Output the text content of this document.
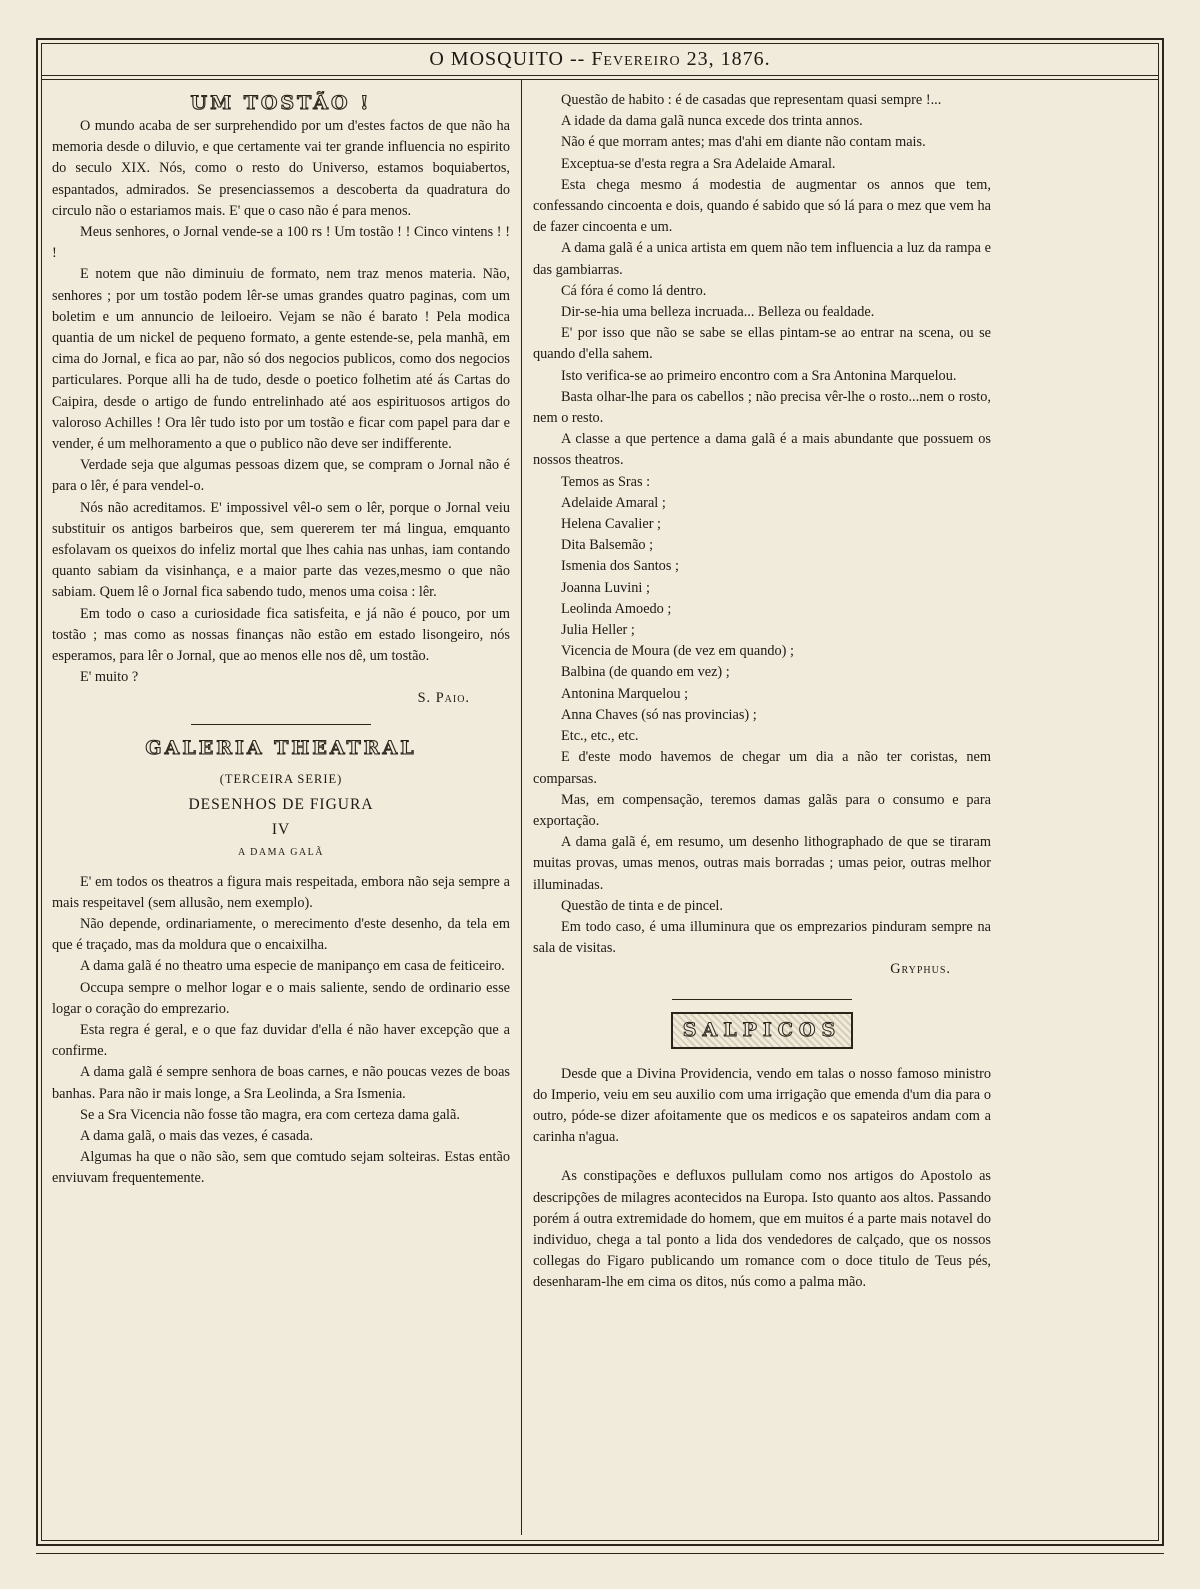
O MOSQUITO -- Fevereiro 23, 1876.
UM TOSTÃO !

O mundo acaba de ser surprehendido por um d'estes factos de que não ha memoria desde o diluvio, e que certamente vai ter grande influencia no espirito do seculo XIX. Nós, como o resto do Universo, estamos boquiabertos, espantados, admirados. Se presenciassemos a descoberta da quadratura do circulo não o estariamos mais. E' que o caso não é para menos.

Meus senhores, o Jornal vende-se a 100 rs ! Um tostão ! ! Cinco vintens ! ! !

E notem que não diminuiu de formato, nem traz menos materia. Não, senhores ; por um tostão podem lêr-se umas grandes quatro paginas, com um boletim e um annuncio de leiloeiro. Vejam se não é barato ! Pela modica quantia de um nickel de pequeno formato, a gente estende-se, pela manhã, em cima do Jornal, e fica ao par, não só dos negocios publicos, como dos negocios particulares. Porque alli ha de tudo, desde o poetico folhetim até ás Cartas do Caipira, desde o artigo de fundo entrelinhado até aos espirituosos artigos do valoroso Achilles ! Ora lêr tudo isto por um tostão e ficar com papel para dar e vender, é um melhoramento a que o publico não deve ser indifferente.

Verdade seja que algumas pessoas dizem que, se compram o Jornal não é para o lêr, é para vendel-o.

Nós não acreditamos. E' impossivel vêl-o sem o lêr, porque o Jornal veiu substituir os antigos barbeiros que, sem quererem ter má lingua, emquanto esfolavam os queixos do infeliz mortal que lhes cahia nas unhas, iam contando quanto sabiam da visinhança, e a maior parte das vezes,mesmo o que não sabiam. Quem lê o Jornal fica sabendo tudo, menos uma coisa : lêr.

Em todo o caso a curiosidade fica satisfeita, e já não é pouco, por um tostão ; mas como as nossas finanças não estão em estado lisongeiro, nós esperamos, para lêr o Jornal, que ao menos elle nos dê, um tostão.

E' muito ?

S. Paio.
GALERIA THEATRAL
(TERCEIRA SERIE)
DESENHOS DE FIGURA
IV
A DAMA GALÃ

E' em todos os theatros a figura mais respeitada, embora não seja sempre a mais respeitavel (sem allusão, nem exemplo).

Não depende, ordinariamente, o merecimento d'este desenho, da tela em que é traçado, mas da moldura que o encaixilha.

A dama galã é no theatro uma especie de manipanço em casa de feiticeiro.

Occupa sempre o melhor logar e o mais saliente, sendo de ordinario esse logar o coração do emprezario.

Esta regra é geral, e o que faz duvidar d'ella é não haver excepção que a confirme.

A dama galã é sempre senhora de boas carnes, e não poucas vezes de boas banhas. Para não ir mais longe, a Sra Leolinda, a Sra Ismenia.

Se a Sra Vicencia não fosse tão magra, era com certeza dama galã.

A dama galã, o mais das vezes, é casada.

Algumas ha que o não são, sem que comtudo sejam solteiras. Estas então enviuvam frequentemente.

Questão de habito : é de casadas que representam quasi sempre !...

A idade da dama galã nunca excede dos trinta annos.

Não é que morram antes; mas d'ahi em diante não contam mais.

Exceptua-se d'esta regra a Sra Adelaide Amaral.

Esta chega mesmo á modestia de augmentar os annos que tem, confessando cincoenta e dois, quando é sabido que só lá para o mez que vem ha de fazer cincoenta e um.

A dama galã é a unica artista em quem não tem influencia a luz da rampa e das gambiarras.

Cá fóra é como lá dentro.

Dir-se-hia uma belleza incruada... Belleza ou fealdade.

E' por isso que não se sabe se ellas pintam-se ao entrar na scena, ou se quando d'ella sahem.

Isto verifica-se ao primeiro encontro com a Sra Antonina Marquelou.

Basta olhar-lhe para os cabellos ; não precisa vêr-lhe o rosto...nem o rosto, nem o resto.

A classe a que pertence a dama galã é a mais abundante que possuem os nossos theatros.

Temos as Sras :

Adelaide Amaral ;

Helena Cavalier ;

Dita Balsemão ;

Ismenia dos Santos ;

Joanna Luvini ;

Leolinda Amoedo ;

Julia Heller ;

Vicencia de Moura (de vez em quando) ;

Balbina (de quando em vez) ;

Antonina Marquelou ;

Anna Chaves (só nas provincias) ;

Etc., etc., etc.

E d'este modo havemos de chegar um dia a não ter coristas, nem comparsas.

Mas, em compensação, teremos damas galãs para o consumo e para exportação.

A dama galã é, em resumo, um desenho lithographado de que se tiraram muitas provas, umas menos, outras mais borradas ; umas peior, outras melhor illuminadas.

Questão de tinta e de pincel.

Em todo caso, é uma illuminura que os emprezarios pinduram sempre na sala de visitas.

Gryphus.
SALPICOS

Desde que a Divina Providencia, vendo em talas o nosso famoso ministro do Imperio, veiu em seu auxilio com uma irrigação que emenda d'um dia para o outro, póde-se dizer afoitamente que os medicos e os sapateiros andam com a carinha n'agua.

As constipações e defluxos pullulam como nos artigos do Apostolo as descripções de milagres acontecidos na Europa. Isto quanto aos altos. Passando porém á outra extremidade do homem, que em muitos é a parte mais notavel do individuo, chega a tal ponto a lida dos vendedores de calçado, que os nossos collegas do Figaro publicando um romance com o doce titulo de Teus pés, desenharam-lhe em cima os ditos, nús como a palma mão.
